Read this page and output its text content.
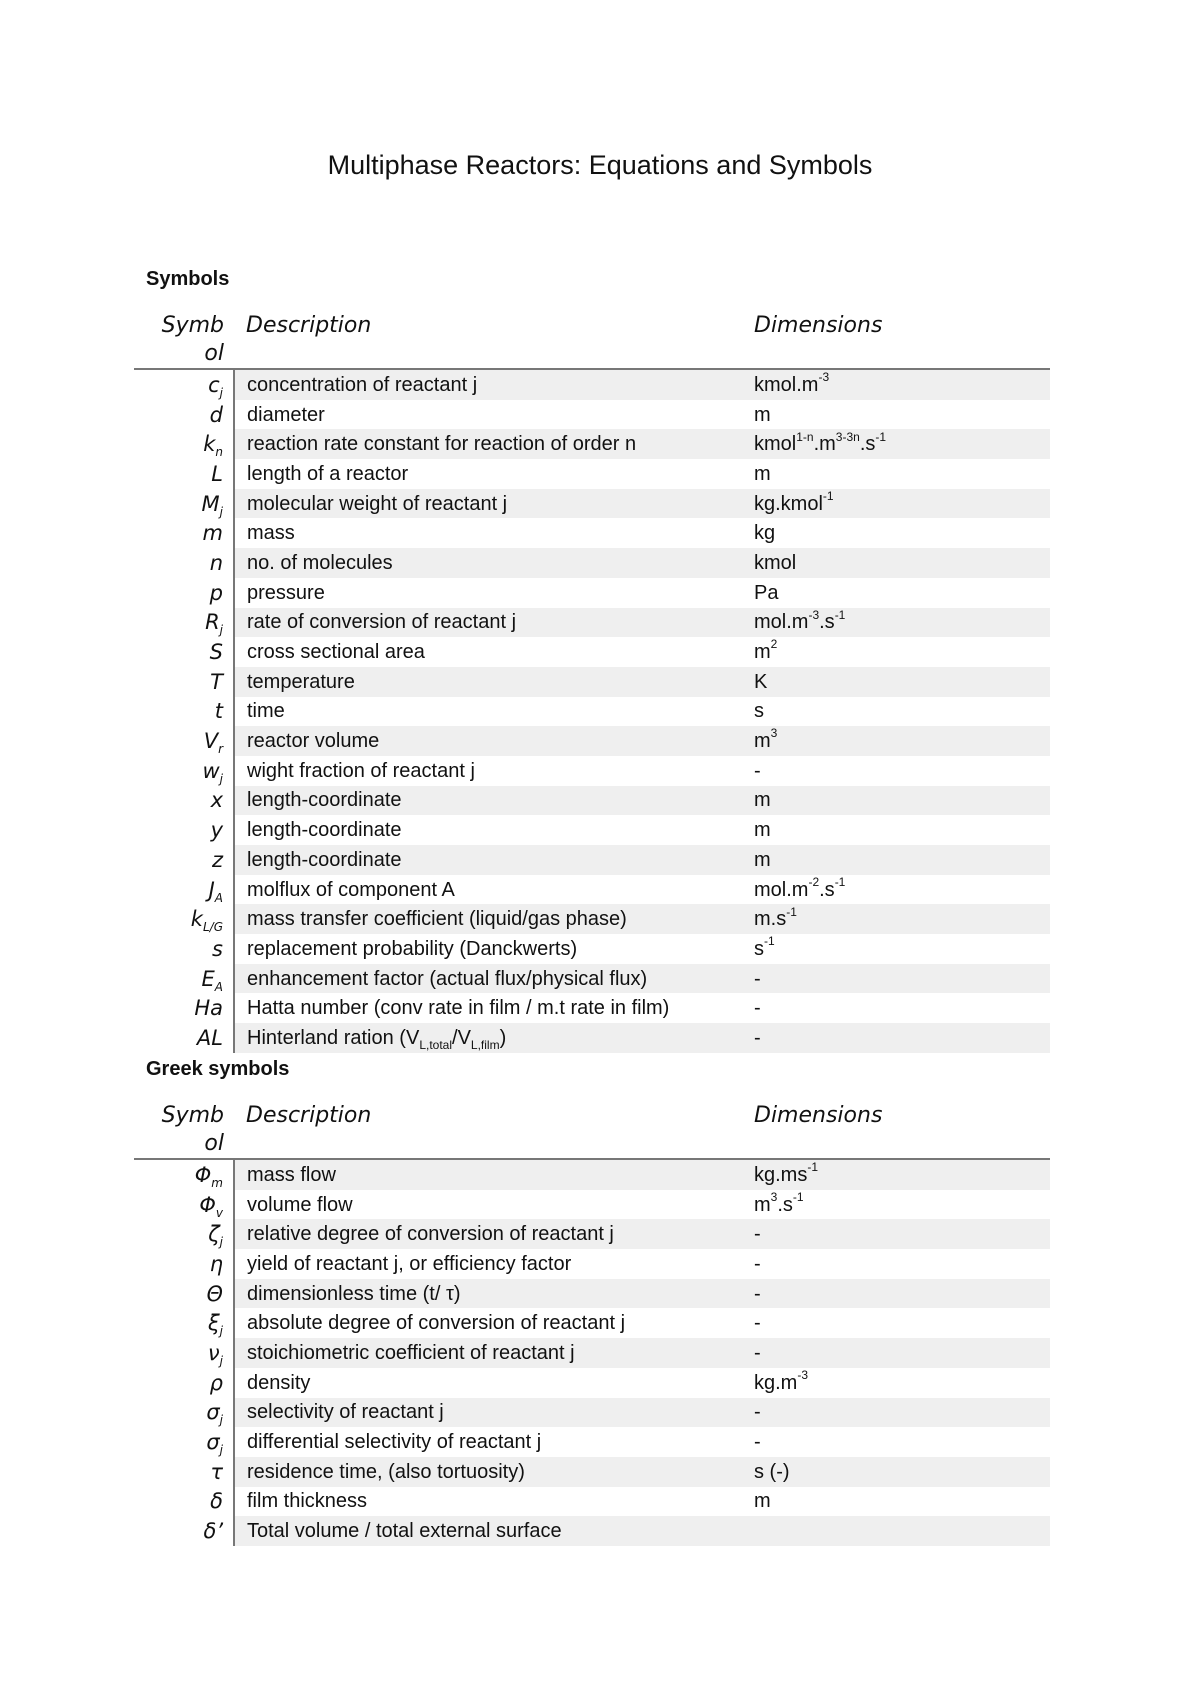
Multiphase Reactors: Equations and Symbols
Symbols
Symb
ol	Description	Dimensions
$c_j$	concentration of reactant j	$kmol.m^{-3}$
d	diameter	m
$k_n$	reaction rate constant for reaction of order n	$kmol^{1-n}.m^{3-3n}.s^{-1}$
L	length of a reactor	m
$M_j$	molecular weight of reactant j	kg.kmol$^{-1}$
m	mass	kg
n	no. of molecules	kmol
p	pressure	Pa
$R_j$	rate of conversion of reactant j	$mol.m^{-3}.s^{-1}$
S	cross sectional area	$m^2$
T	temperature	K
t	time	s
$V_r$	reactor volume	$m^3$
$w_j$	wight fraction of reactant j	-
x	length-coordinate	m
y	length-coordinate	m
z	length-coordinate	m
$J_A$	molflux of component A	$mol.m^{-2}.s^{-1}$
$k_{L/G}$	mass transfer coefficient (liquid/gas phase)	$m.s^{-1}$
s	replacement probability (Danckwerts)	$s^{-1}$
$E_A$	enhancement factor (actual flux/physical flux)	-
Ha	Hatta number (conv rate in film / m.t rate in film)	-
AL	Hinterland ration $(V_{L,total}/V_{L,film})$	-
Greek symbols
Symb
ol	Description	Dimensions
$\Phi_m$	mass flow	$kg.ms^{-1}$
$\Phi_v$	volume flow	$m^3.s^{-1}$
$\zeta_j$	relative degree of conversion of reactant j	-
η	yield of reactant j, or efficiency factor	-
Θ	dimensionless time (t/ τ)	-
$\xi_j$	absolute degree of conversion of reactant j	-
$\nu_j$	stoichiometric coefficient of reactant j	-
ρ	density	$kg.m^{-3}$
$\sigma_j$	selectivity of reactant j	-
$\sigma_j$	differential selectivity of reactant j	-
τ	residence time, (also tortuosity)	s (-)
δ	film thickness	m
δ’	Total volume / total external surface	
